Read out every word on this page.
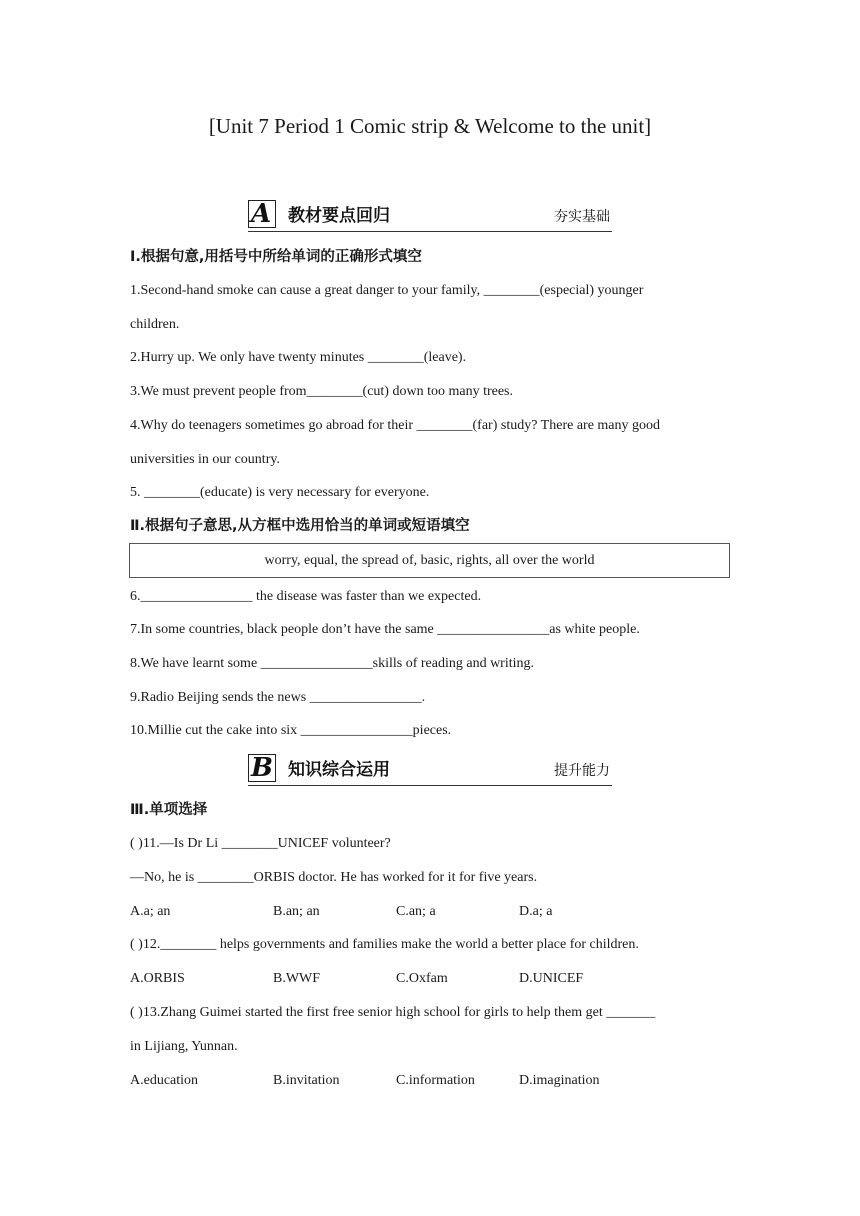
[Unit 7 Period 1 Comic strip & Welcome to the unit]
A 教材要点回归	夯实基础
Ⅰ.根据句意,用括号中所给单词的正确形式填空
1.Second-hand smoke can cause a great danger to your family, ________(especial) younger
children.
2.Hurry up. We only have twenty minutes ________(leave).
3.We must prevent people from________(cut) down too many trees.
4.Why do teenagers sometimes go abroad for their ________(far) study? There are many good
universities in our country.
5. ________(educate) is very necessary for everyone.
Ⅱ.根据句子意思,从方框中选用恰当的单词或短语填空
worry, equal, the spread of, basic, rights, all over the world
6.________________ the disease was faster than we expected.
7.In some countries, black people don’t have the same ________________as white people.
8.We have learnt some ________________skills of reading and writing.
9.Radio Beijing sends the news ________________.
10.Millie cut the cake into six ________________pieces.
B 知识综合运用	提升能力
Ⅲ.单项选择
( )11.—Is Dr Li ________UNICEF volunteer?
—No, he is ________ORBIS doctor. He has worked for it for five years.
A.a; an	B.an; an	C.an; a	D.a; a
( )12.________ helps governments and families make the world a better place for children.
A.ORBIS	B.WWF	C.Oxfam	D.UNICEF
( )13.Zhang Guimei started the first free senior high school for girls to help them get _______
in Lijiang, Yunnan.
A.education	B.invitation	C.information	D.imagination
